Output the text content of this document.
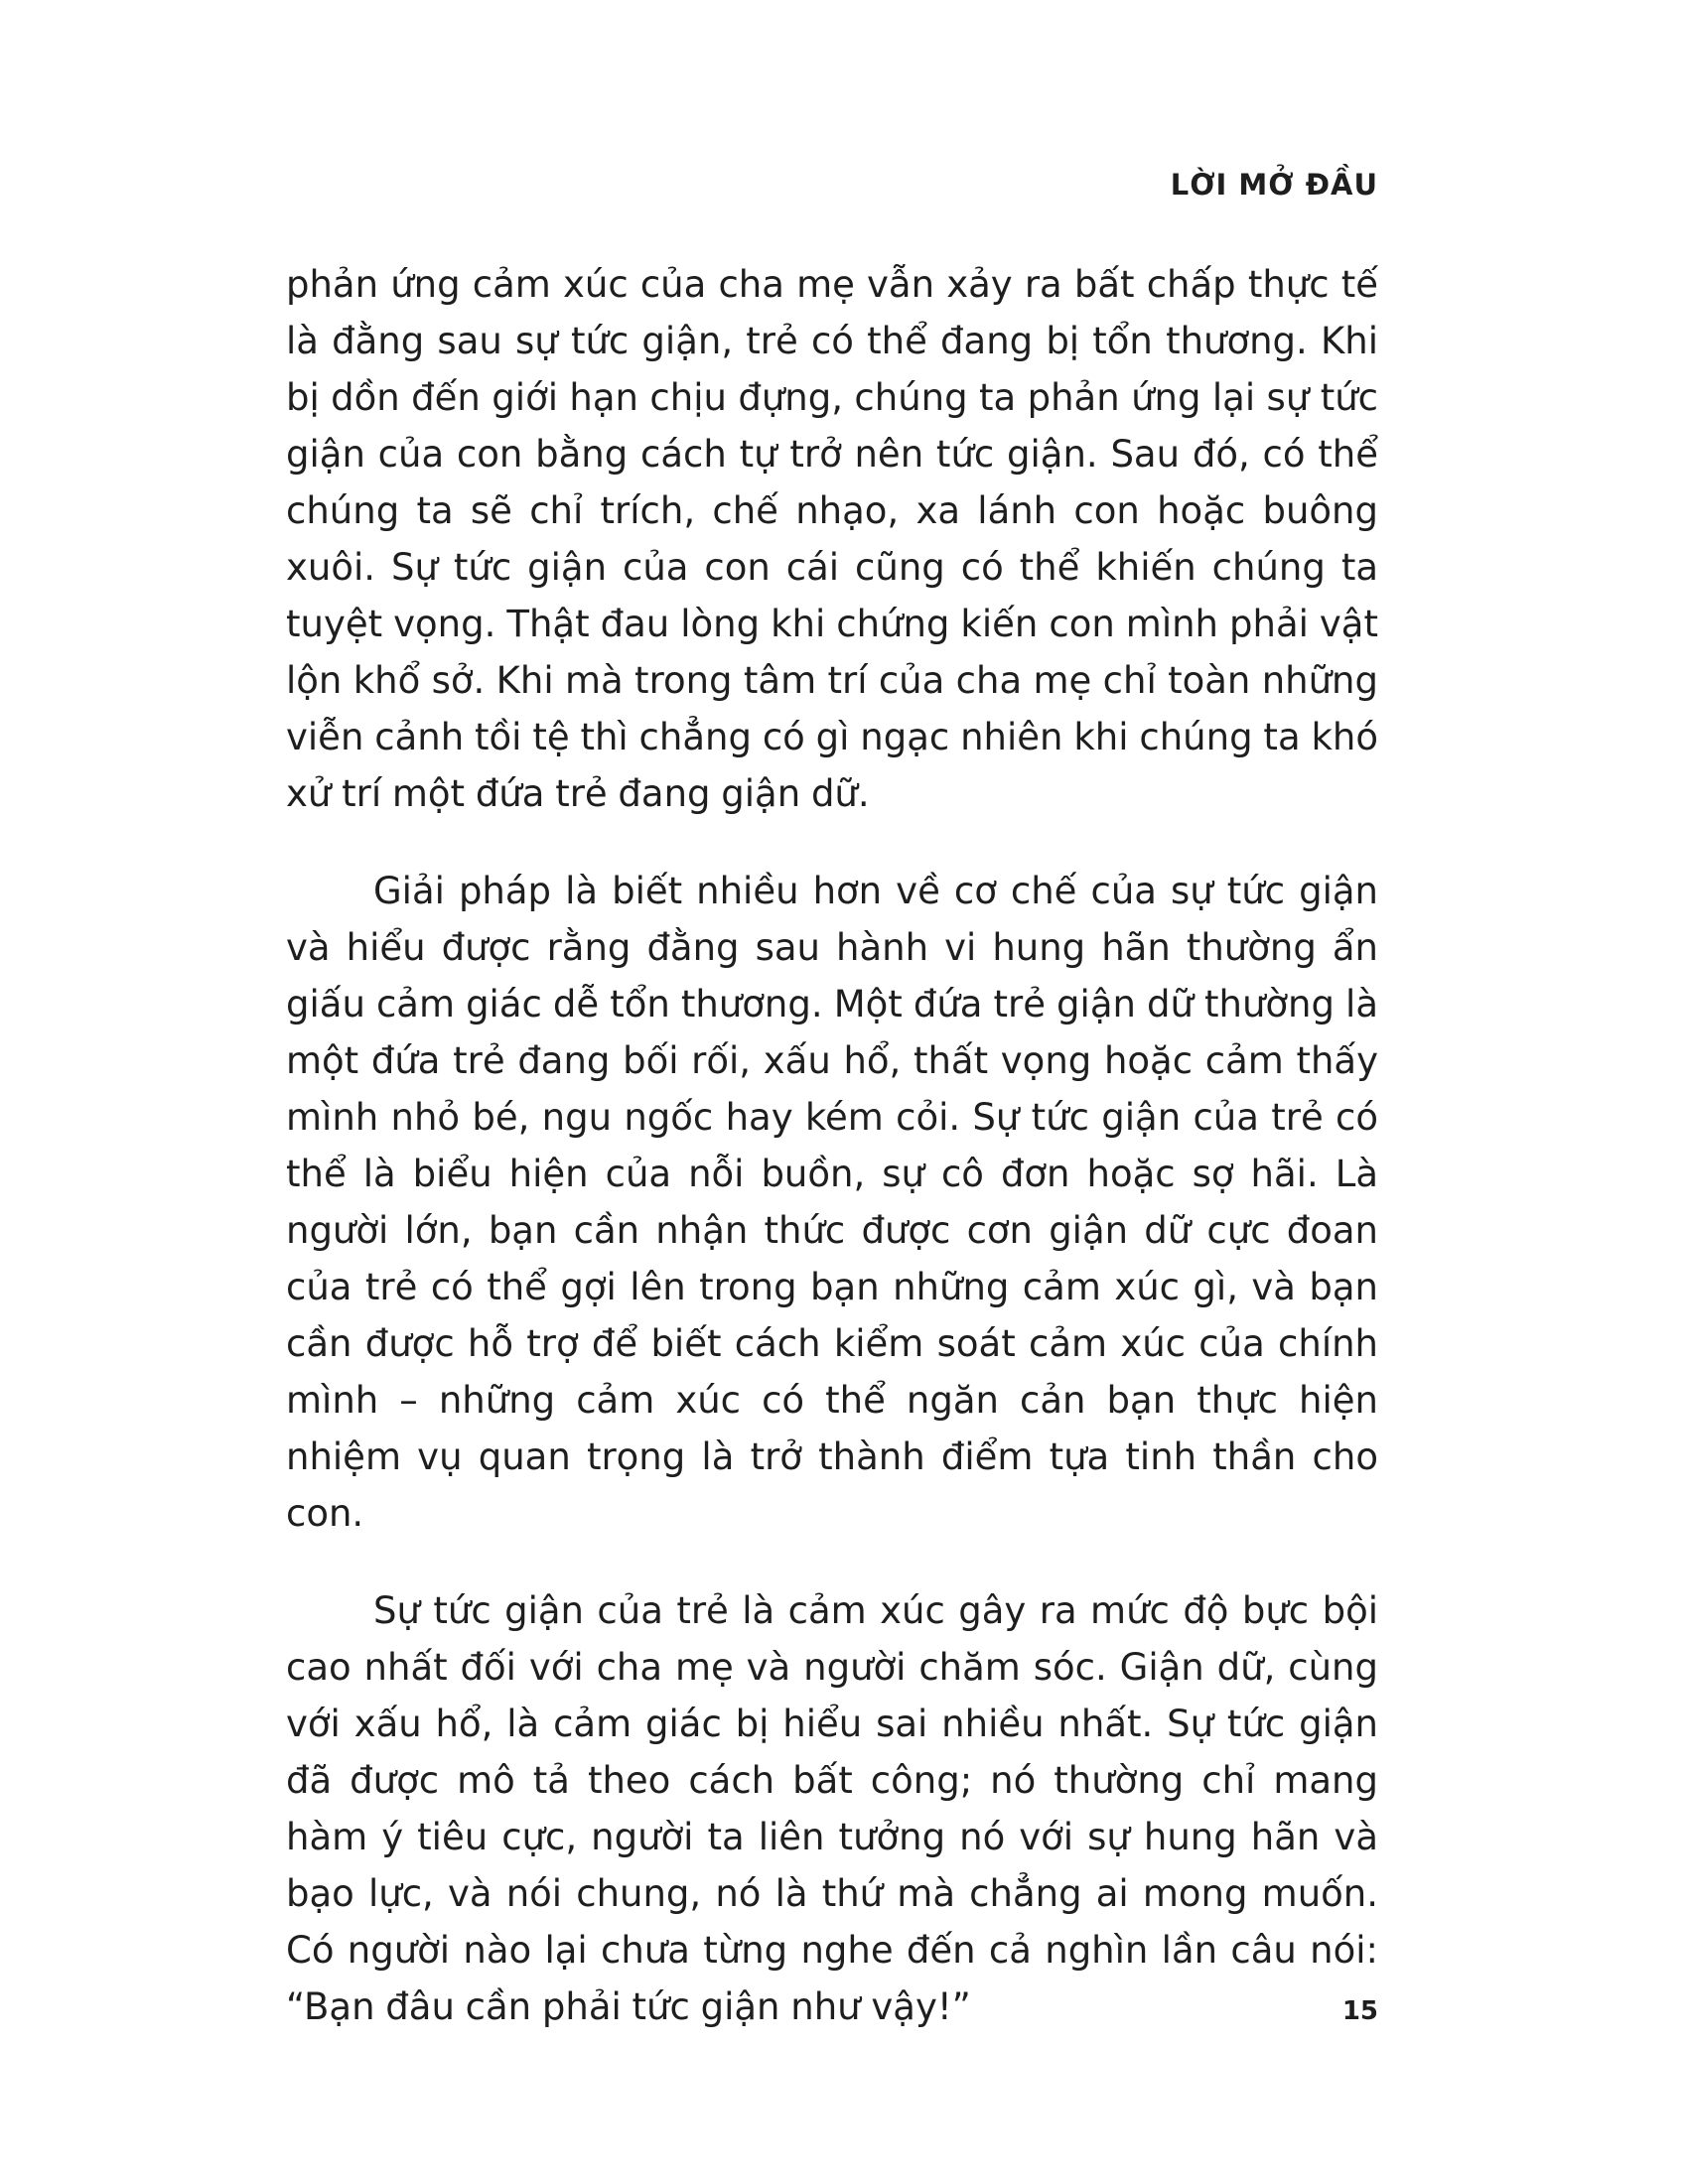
LỜI MỞ ĐẦU

phản ứng cảm xúc của cha mẹ vẫn xảy ra bất chấp thực tế là đằng sau sự tức giận, trẻ có thể đang bị tổn thương. Khi bị dồn đến giới hạn chịu đựng, chúng ta phản ứng lại sự tức giận của con bằng cách tự trở nên tức giận. Sau đó, có thể chúng ta sẽ chỉ trích, chế nhạo, xa lánh con hoặc buông xuôi. Sự tức giận của con cái cũng có thể khiến chúng ta tuyệt vọng. Thật đau lòng khi chứng kiến con mình phải vật lộn khổ sở. Khi mà trong tâm trí của cha mẹ chỉ toàn những viễn cảnh tồi tệ thì chẳng có gì ngạc nhiên khi chúng ta khó xử trí một đứa trẻ đang giận dữ.

Giải pháp là biết nhiều hơn về cơ chế của sự tức giận và hiểu được rằng đằng sau hành vi hung hãn thường ẩn giấu cảm giác dễ tổn thương. Một đứa trẻ giận dữ thường là một đứa trẻ đang bối rối, xấu hổ, thất vọng hoặc cảm thấy mình nhỏ bé, ngu ngốc hay kém cỏi. Sự tức giận của trẻ có thể là biểu hiện của nỗi buồn, sự cô đơn hoặc sợ hãi. Là người lớn, bạn cần nhận thức được cơn giận dữ cực đoan của trẻ có thể gợi lên trong bạn những cảm xúc gì, và bạn cần được hỗ trợ để biết cách kiểm soát cảm xúc của chính mình – những cảm xúc có thể ngăn cản bạn thực hiện nhiệm vụ quan trọng là trở thành điểm tựa tinh thần cho con.

Sự tức giận của trẻ là cảm xúc gây ra mức độ bực bội cao nhất đối với cha mẹ và người chăm sóc. Giận dữ, cùng với xấu hổ, là cảm giác bị hiểu sai nhiều nhất. Sự tức giận đã được mô tả theo cách bất công; nó thường chỉ mang hàm ý tiêu cực, người ta liên tưởng nó với sự hung hãn và bạo lực, và nói chung, nó là thứ mà chẳng ai mong muốn. Có người nào lại chưa từng nghe đến cả nghìn lần câu nói: “Bạn đâu cần phải tức giận như vậy!”	15
